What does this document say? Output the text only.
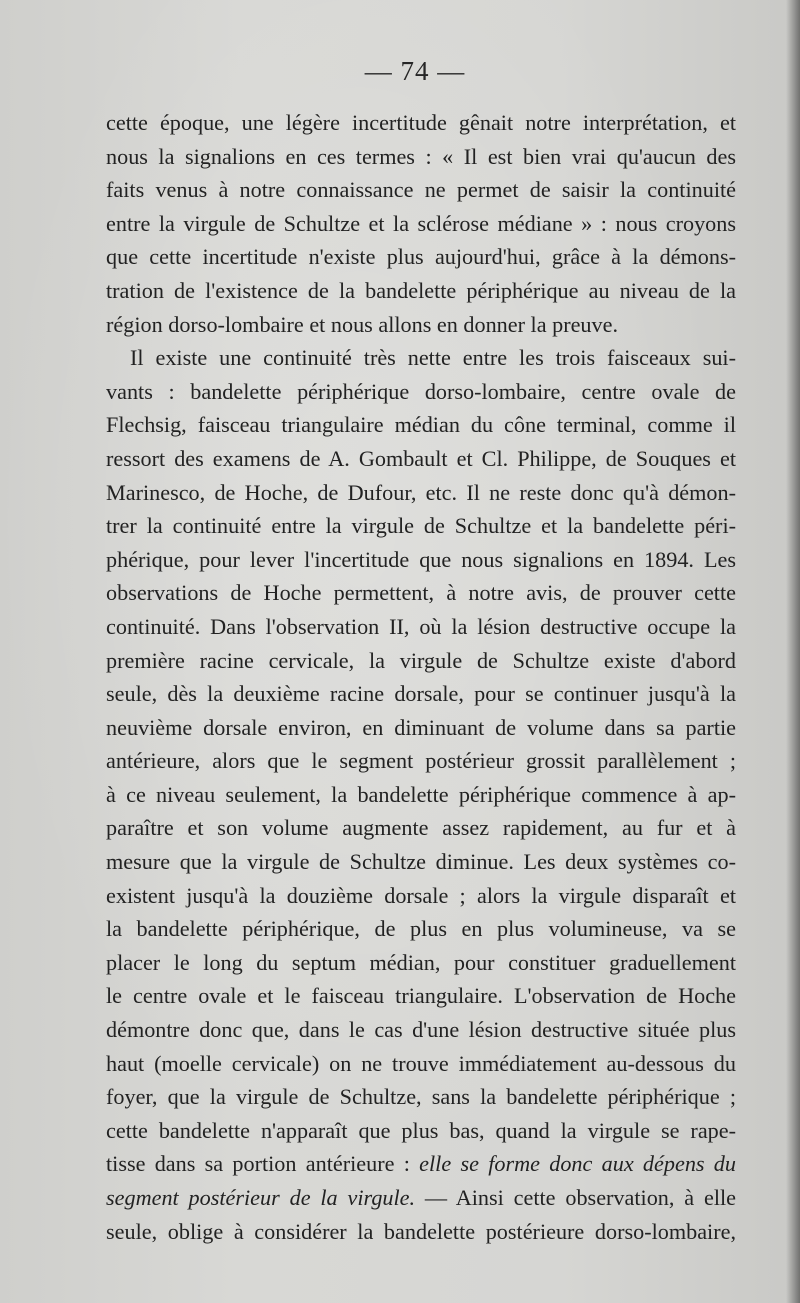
— 74 —
cette époque, une légère incertitude gênait notre interprétation, et
nous la signalions en ces termes : « Il est bien vrai qu'aucun des
faits venus à notre connaissance ne permet de saisir la continuité
entre la virgule de Schultze et la sclérose médiane » : nous croyons
que cette incertitude n'existe plus aujourd'hui, grâce à la démons-
tration de l'existence de la bandelette périphérique au niveau de la
région dorso-lombaire et nous allons en donner la preuve.
Il existe une continuité très nette entre les trois faisceaux sui-
vants : bandelette périphérique dorso-lombaire, centre ovale de
Flechsig, faisceau triangulaire médian du cône terminal, comme il
ressort des examens de A. Gombault et Cl. Philippe, de Souques et
Marinesco, de Hoche, de Dufour, etc. Il ne reste donc qu'à démon-
trer la continuité entre la virgule de Schultze et la bandelette péri-
phérique, pour lever l'incertitude que nous signalions en 1894. Les
observations de Hoche permettent, à notre avis, de prouver cette
continuité. Dans l'observation II, où la lésion destructive occupe la
première racine cervicale, la virgule de Schultze existe d'abord
seule, dès la deuxième racine dorsale, pour se continuer jusqu'à la
neuvième dorsale environ, en diminuant de volume dans sa partie
antérieure, alors que le segment postérieur grossit parallèlement ;
à ce niveau seulement, la bandelette périphérique commence à ap-
paraître et son volume augmente assez rapidement, au fur et à
mesure que la virgule de Schultze diminue. Les deux systèmes co-
existent jusqu'à la douzième dorsale ; alors la virgule disparaît et
la bandelette périphérique, de plus en plus volumineuse, va se
placer le long du septum médian, pour constituer graduellement
le centre ovale et le faisceau triangulaire. L'observation de Hoche
démontre donc que, dans le cas d'une lésion destructive située plus
haut (moelle cervicale) on ne trouve immédiatement au-dessous du
foyer, que la virgule de Schultze, sans la bandelette périphérique ;
cette bandelette n'apparaît que plus bas, quand la virgule se rape-
tisse dans sa portion antérieure : elle se forme donc aux dépens du
segment postérieur de la virgule. — Ainsi cette observation, à elle
seule, oblige à considérer la bandelette postérieure dorso-lombaire,
